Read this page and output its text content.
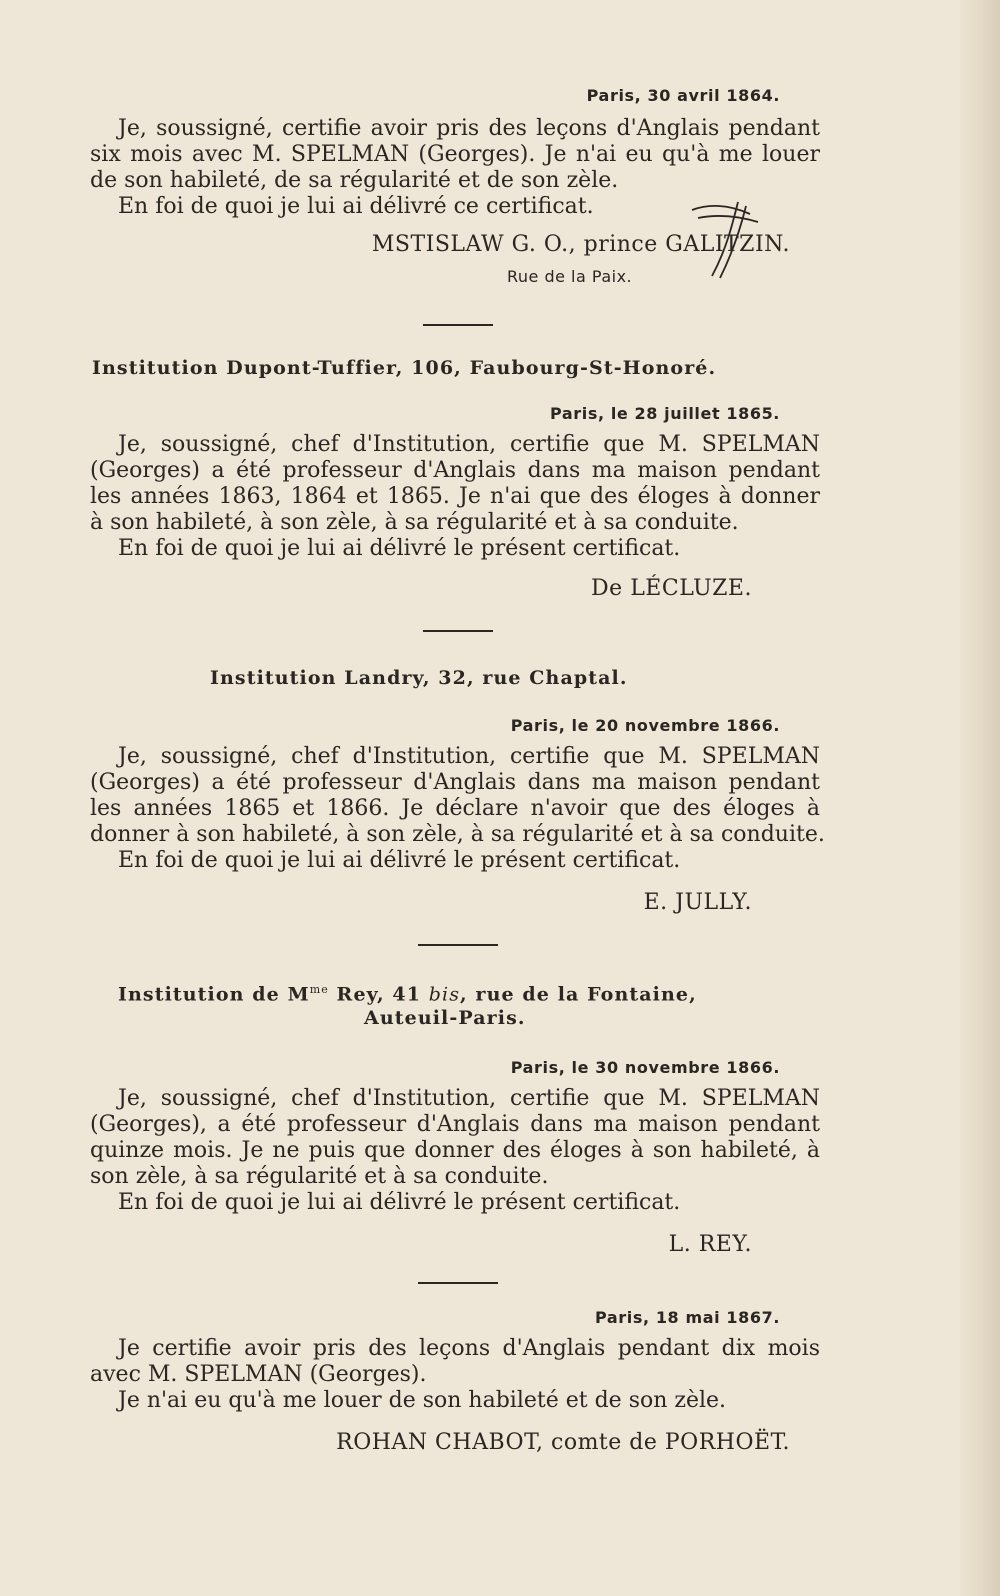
Paris, 30 avril 1864.
Je, soussigné, certifie avoir pris des leçons d'Anglais pendant
six mois avec M. SPELMAN (Georges). Je n'ai eu qu'à me louer
de son habileté, de sa régularité et de son zèle.
En foi de quoi je lui ai délivré ce certificat.
MSTISLAW G. O., prince GALITZIN.
Rue de la Paix.
Institution Dupont-Tuffier, 106, Faubourg-St-Honoré.
Paris, le 28 juillet 1865.
Je, soussigné, chef d'Institution, certifie que M. SPELMAN
(Georges) a été professeur d'Anglais dans ma maison pendant
les années 1863, 1864 et 1865. Je n'ai que des éloges à donner
à son habileté, à son zèle, à sa régularité et à sa conduite.
En foi de quoi je lui ai délivré le présent certificat.
De LÉCLUZE.
Institution Landry, 32, rue Chaptal.
Paris, le 20 novembre 1866.
Je, soussigné, chef d'Institution, certifie que M. SPELMAN
(Georges) a été professeur d'Anglais dans ma maison pendant
les années 1865 et 1866. Je déclare n'avoir que des éloges à
donner à son habileté, à son zèle, à sa régularité et à sa conduite.
En foi de quoi je lui ai délivré le présent certificat.
E. JULLY.
Institution de $M^{me}$ Rey, 41 bis, rue de la Fontaine,
Auteuil-Paris.
Paris, le 30 novembre 1866.
Je, soussigné, chef d'Institution, certifie que M. SPELMAN
(Georges), a été professeur d'Anglais dans ma maison pendant
quinze mois. Je ne puis que donner des éloges à son habileté, à
son zèle, à sa régularité et à sa conduite.
En foi de quoi je lui ai délivré le présent certificat.
L. REY.
Paris, 18 mai 1867.
Je certifie avoir pris des leçons d'Anglais pendant dix mois
avec M. SPELMAN (Georges).
Je n'ai eu qu'à me louer de son habileté et de son zèle.
ROHAN CHABOT, comte de PORHOËT.
